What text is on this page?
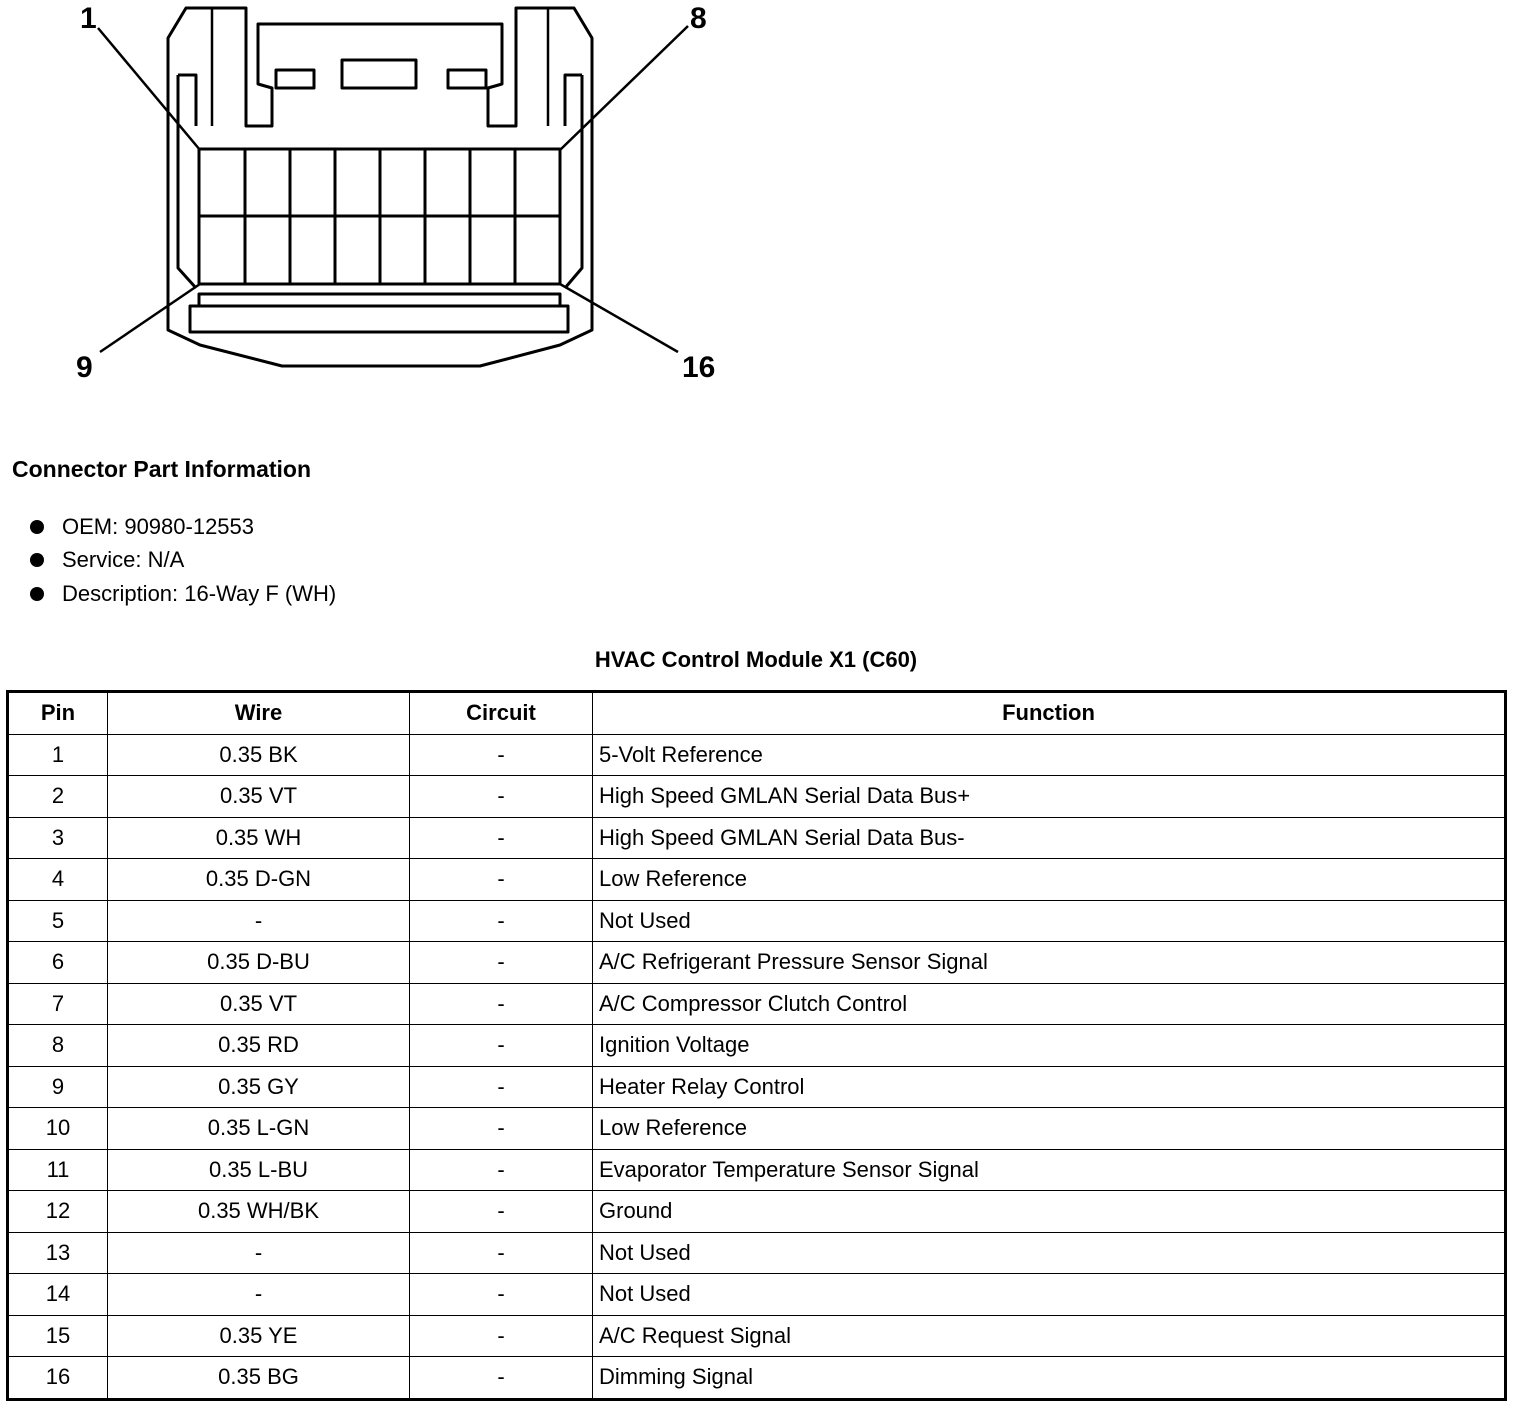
1	8
9	16
Connector Part Information
OEM: 90980-12553
Service: N/A
Description: 16-Way F (WH)
HVAC Control Module X1 (C60)
Pin	Wire	Circuit	Function
1	0.35 BK	-	5-Volt Reference
2	0.35 VT	-	High Speed GMLAN Serial Data Bus+
3	0.35 WH	-	High Speed GMLAN Serial Data Bus-
4	0.35 D-GN	-	Low Reference
5	-	-	Not Used
6	0.35 D-BU	-	A/C Refrigerant Pressure Sensor Signal
7	0.35 VT	-	A/C Compressor Clutch Control
8	0.35 RD	-	Ignition Voltage
9	0.35 GY	-	Heater Relay Control
10	0.35 L-GN	-	Low Reference
11	0.35 L-BU	-	Evaporator Temperature Sensor Signal
12	0.35 WH/BK	-	Ground
13	-	-	Not Used
14	-	-	Not Used
15	0.35 YE	-	A/C Request Signal
16	0.35 BG	-	Dimming Signal
